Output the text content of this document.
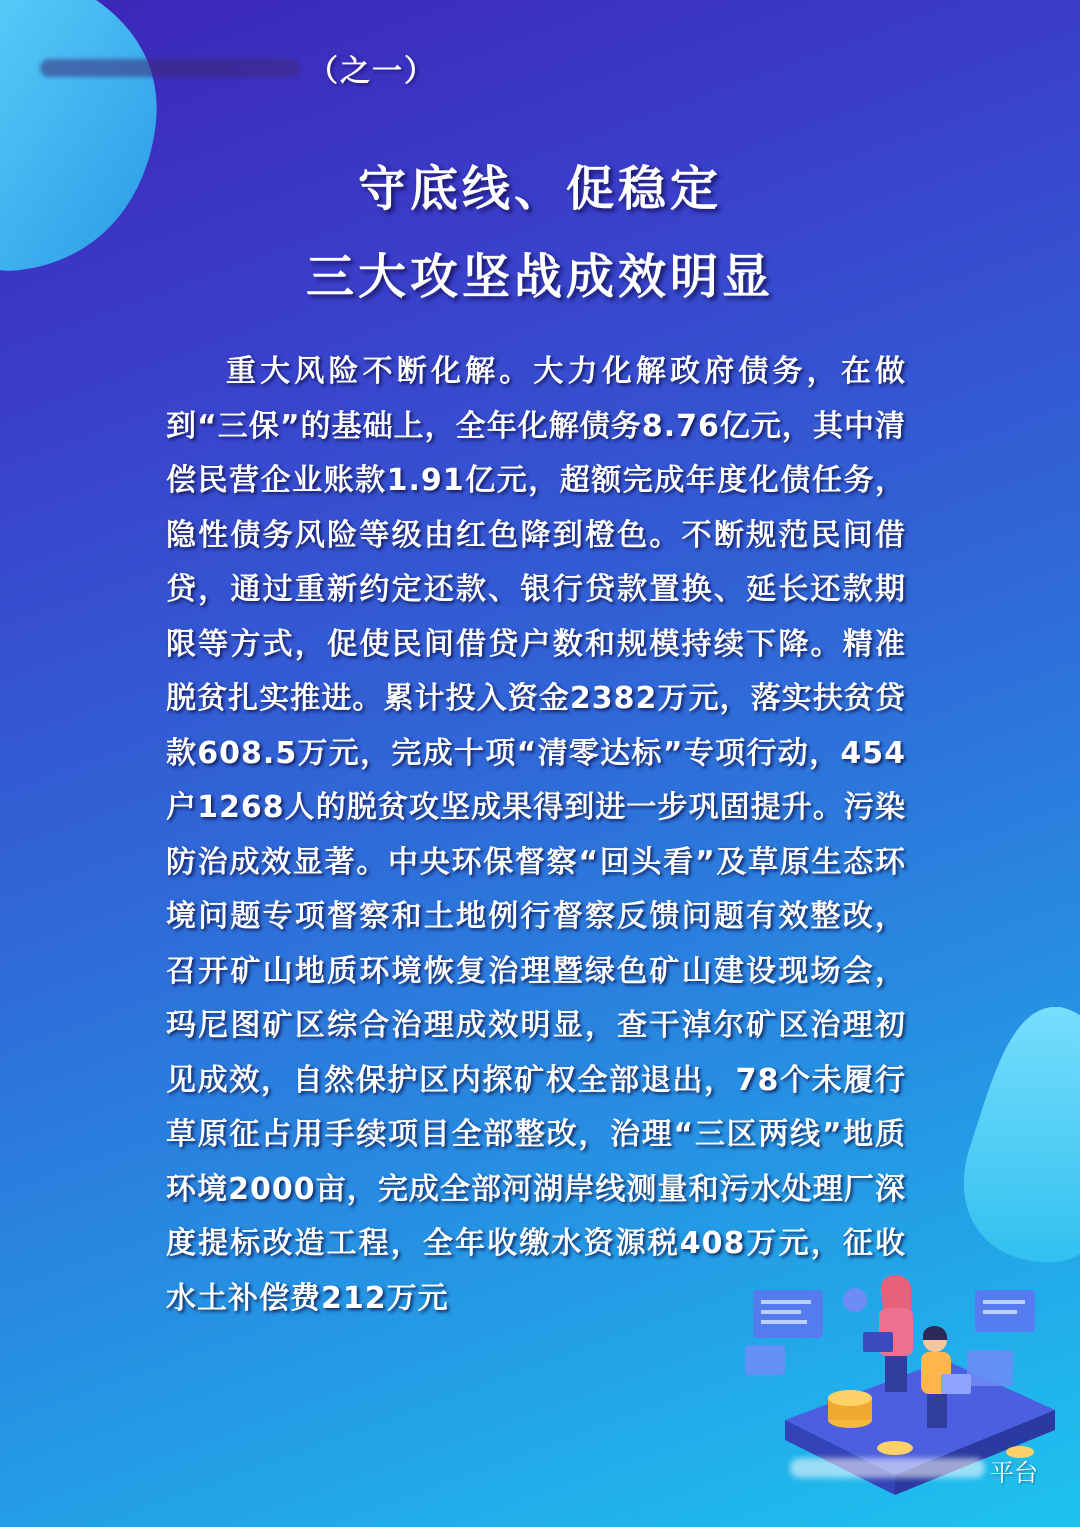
（之一）
守底线、促稳定
三大攻坚战成效明显

重大风险不断化解。大力化解政府债务，在做到“三保”的基础上，全年化解债务8.76亿元，其中清偿民营企业账款1.91亿元，超额完成年度化债任务，隐性债务风险等级由红色降到橙色。不断规范民间借贷，通过重新约定还款、银行贷款置换、延长还款期限等方式，促使民间借贷户数和规模持续下降。精准脱贫扎实推进。累计投入资金2382万元，落实扶贫贷款608.5万元，完成十项“清零达标”专项行动，454户1268人的脱贫攻坚成果得到进一步巩固提升。污染防治成效显著。中央环保督察“回头看”及草原生态环境问题专项督察和土地例行督察反馈问题有效整改，召开矿山地质环境恢复治理暨绿色矿山建设现场会，玛尼图矿区综合治理成效明显，查干淖尔矿区治理初见成效，自然保护区内探矿权全部退出，78个未履行草原征占用手续项目全部整改，治理“三区两线”地质环境2000亩，完成全部河湖岸线测量和污水处理厂深度提标改造工程，全年收缴水资源税408万元，征收水土补偿费212万元

平台
